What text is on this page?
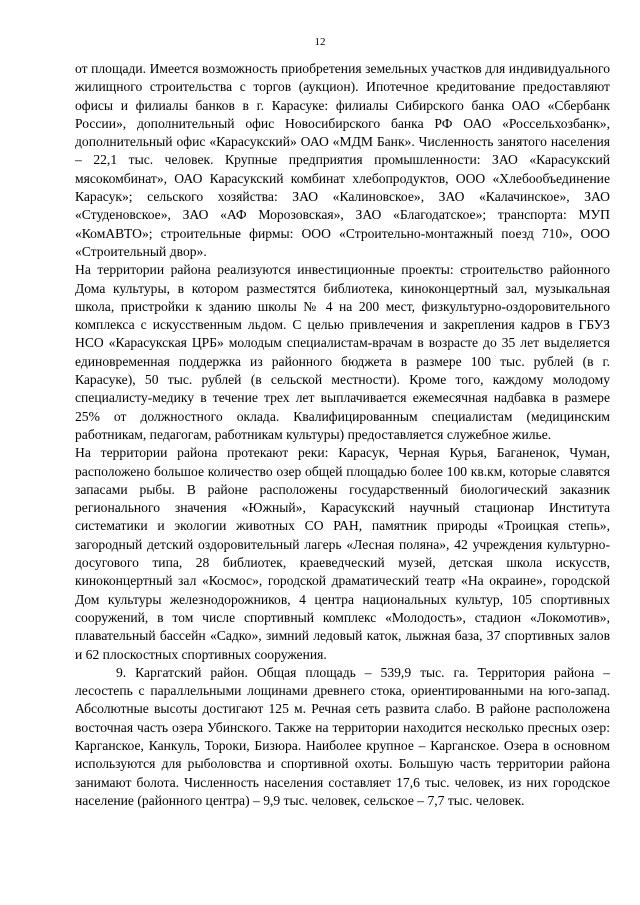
12

от площади. Имеется возможность приобретения земельных участков для индивидуального жилищного строительства с торгов (аукцион). Ипотечное кредитование предоставляют офисы и филиалы банков в г. Карасуке: филиалы Сибирского банка ОАО «Сбербанк России», дополнительный офис Новосибирского банка РФ ОАО «Россельхозбанк», дополнительный офис «Карасукский» ОАО «МДМ Банк». Численность занятого населения – 22,1 тыс. человек. Крупные предприятия промышленности: ЗАО «Карасукский мясокомбинат», ОАО Карасукский комбинат хлебопродуктов, ООО «Хлебообъединение Карасук»; сельского хозяйства: ЗАО «Калиновское», ЗАО «Калачинское», ЗАО «Студеновское», ЗАО «АФ Морозовская», ЗАО «Благодатское»; транспорта: МУП «КомАВТО»; строительные фирмы: ООО «Строительно-монтажный поезд 710», ООО «Строительный двор».

На территории района реализуются инвестиционные проекты: строительство районного Дома культуры, в котором разместятся библиотека, киноконцертный зал, музыкальная школа, пристройки к зданию школы № 4 на 200 мест, физкультурно-оздоровительного комплекса с искусственным льдом. С целью привлечения и закрепления кадров в ГБУЗ НСО «Карасукская ЦРБ» молодым специалистам-врачам в возрасте до 35 лет выделяется единовременная поддержка из районного бюджета в размере 100 тыс. рублей (в г. Карасуке), 50 тыс. рублей (в сельской местности). Кроме того, каждому молодому специалисту-медику в течение трех лет выплачивается ежемесячная надбавка в размере 25% от должностного оклада. Квалифицированным специалистам (медицинским работникам, педагогам, работникам культуры) предоставляется служебное жилье.

На территории района протекают реки: Карасук, Черная Курья, Баганенок, Чуман, расположено большое количество озер общей площадью более 100 кв.км, которые славятся запасами рыбы. В районе расположены государственный биологический заказник регионального значения «Южный», Карасукский научный стационар Института систематики и экологии животных СО РАН, памятник природы «Троицкая степь», загородный детский оздоровительный лагерь «Лесная поляна», 42 учреждения культурно-досугового типа, 28 библиотек, краеведческий музей, детская школа искусств, киноконцертный зал «Космос», городской драматический театр «На окраине», городской Дом культуры железнодорожников, 4 центра национальных культур, 105 спортивных сооружений, в том числе спортивный комплекс «Молодость», стадион «Локомотив», плавательный бассейн «Садко», зимний ледовый каток, лыжная база, 37 спортивных залов и 62 плоскостных спортивных сооружения.

9. Каргатский район. Общая площадь – 539,9 тыс. га. Территория района – лесостепь с параллельными лощинами древнего стока, ориентированными на юго-запад. Абсолютные высоты достигают 125 м. Речная сеть развита слабо. В районе расположена восточная часть озера Убинского. Также на территории находится несколько пресных озер: Карганское, Канкуль, Тороки, Бизюра. Наиболее крупное – Карганское. Озера в основном используются для рыболовства и спортивной охоты. Большую часть территории района занимают болота. Численность населения составляет 17,6 тыс. человек, из них городское население (районного центра) – 9,9 тыс. человек, сельское – 7,7 тыс. человек.
